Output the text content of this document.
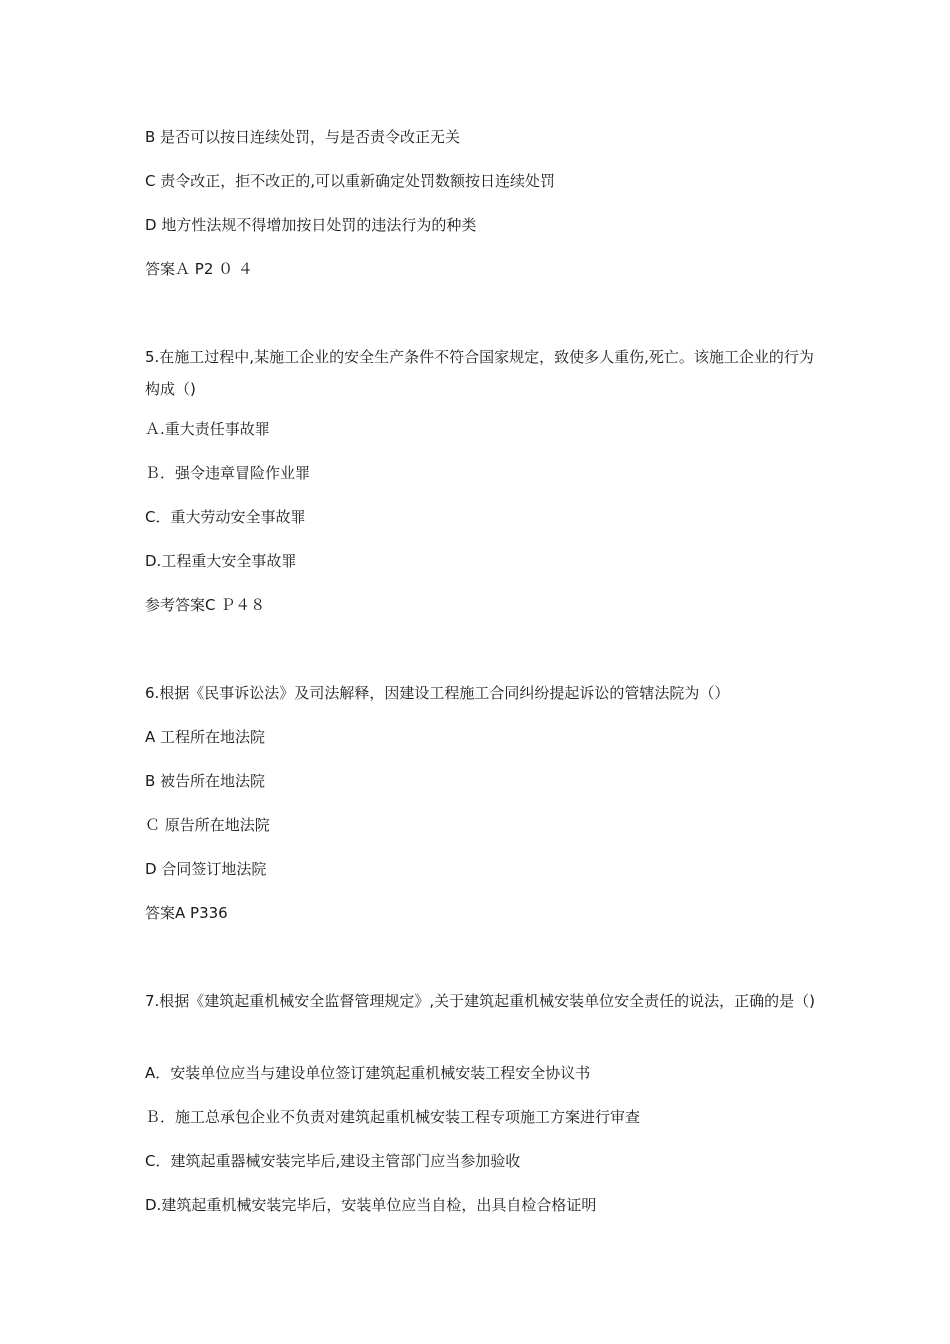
B 是否可以按日连续处罚，与是否责令改正无关
C 责令改正，拒不改正的,可以重新确定处罚数额按日连续处罚
D 地方性法规不得增加按日处罚的违法行为的种类
答案Ａ P2 ０ ４
5.在施工过程中,某施工企业的安全生产条件不符合国家规定，致使多人重伤,死亡。该施工企业的行为构成（)
Ａ.重大责任事故罪
Ｂ．强令违章冒险作业罪
C．重大劳动安全事故罪
D.工程重大安全事故罪
参考答案C Ｐ４８
6.根据《民事诉讼法》及司法解释，因建设工程施工合同纠纷提起诉讼的管辖法院为（）
A 工程所在地法院
B 被告所在地法院
Ｃ 原告所在地法院
D 合同签订地法院
答案A P336
7.根据《建筑起重机械安全监督管理规定》,关于建筑起重机械安装单位安全责任的说法，正确的是（)
A．安装单位应当与建设单位签订建筑起重机械安装工程安全协议书
Ｂ．施工总承包企业不负责对建筑起重机械安装工程专项施工方案进行审查
C．建筑起重器械安装完毕后,建设主管部门应当参加验收
D.建筑起重机械安装完毕后，安装单位应当自检，出具自检合格证明
